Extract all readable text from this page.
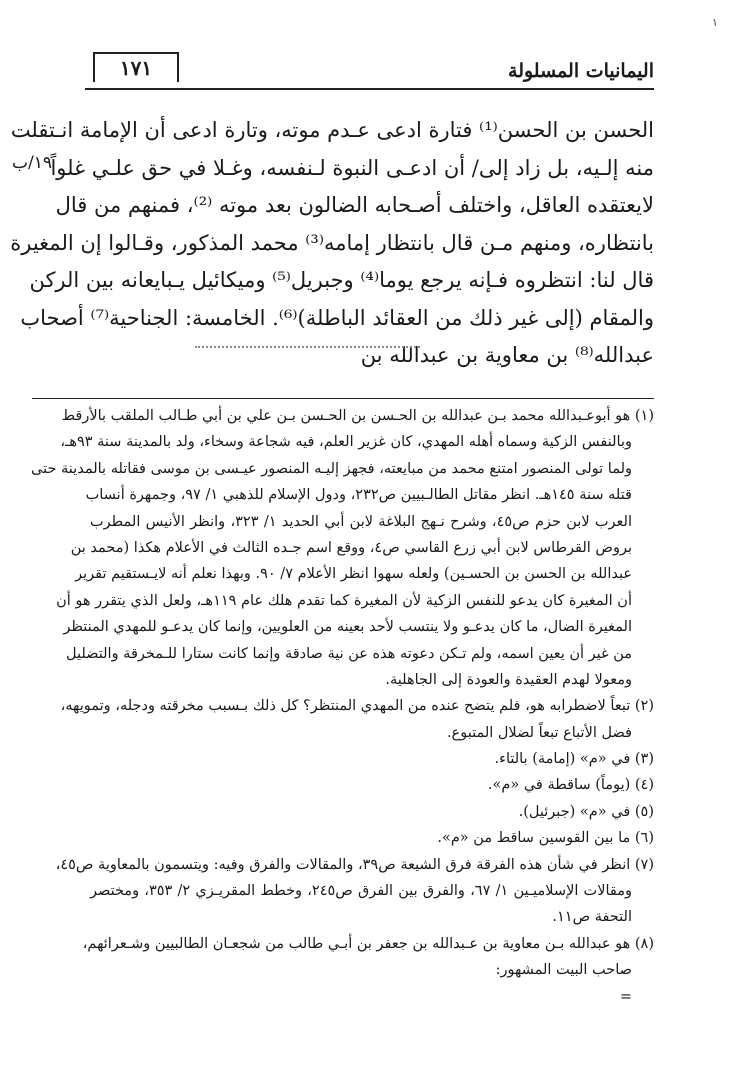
١
اليمانيات المسلولة
١٧١
١٩/ب
الحسن بن الحسن⁽¹⁾ فتارة ادعى عـدم موته، وتارة ادعى أن الإمامة انـتقلت
منه إلـيه، بل زاد إلى/ أن ادعـى النبوة لـنفسه، وغـلا في حق علـي غلواً
لايعتقده العاقل، واختلف أصـحابه الضالون بعد موته ⁽²⁾، فمنهم من قال
بانتظاره، ومنهم مـن قال بانتظار إمامه⁽³⁾ محمد المذكور، وقـالوا إن المغيرة
قال لنا: انتظروه فـإنه يرجع يوما⁽⁴⁾ وجبريل⁽⁵⁾ وميكائيل يـبايعانه بين الركن
والمقام (إلى غير ذلك من العقائد الباطلة)⁽⁶⁾. الخامسة: الجناحية⁽⁷⁾ أصحاب
عبدالله⁽⁸⁾ بن معاوية بن عبدالله بن
(١) هو أبوعـبدالله محمد بـن عبدالله بن الحـسن بن الحـسن بـن علي بن أبي طـالب الملقب بالأرقط
وبالنفس الزكية وسماه أهله المهدي، كان غزير العلم، فيه شجاعة وسخاء، ولد بالمدينة سنة ٩٣هـ،
ولما تولى المنصور امتنع محمد من مبايعته، فجهز إليـه المنصور عيـسى بن موسى فقاتله بالمدينة حتى
قتله سنة ١٤٥هـ. انظر مقاتل الطالـبيين ص٢٣٢، ودول الإسلام للذهبي ١/ ٩٧، وجمهرة أنساب
العرب لابن حزم ص٤٥، وشرح نـهج البلاغة لابن أبي الحديد ١/ ٣٢٣، وانظر الأنيس المطرب
بروض القرطاس لابن أبي زرع القاسي ص٤، ووقع اسم جـده الثالث في الأعلام هكذا (محمد بن
عبدالله بن الحسن بن الحسـين) ولعله سهوا انظر الأعلام ٧/ ٩٠. وبهذا نعلم أنه لايـستقيم تقرير
أن المغيرة كان يدعو للنفس الزكية لأن المغيرة كما تقدم هلك عام ١١٩هـ، ولعل الذي يتقرر هو أن
المغيرة الضال، ما كان يدعـو ولا ينتسب لأحد بعينه من العلويين، وإنما كان يدعـو للمهدي المنتظر
من غير أن يعين اسمه، ولم تـكن دعوته هذه عن نية صادقة وإنما كانت ستارا للـمخرقة والتضليل
ومعولا لهدم العقيدة والعودة إلى الجاهلية.
(٢) تبعاً لاضطرابه هو، فلم يتضح عنده من المهدي المنتظر؟ كل ذلك بـسبب مخرقته ودجله، وتمويهه،
فضل الأتباع تبعاً لضلال المتبوع.
(٣) في «م» (إمامة) بالتاء.
(٤) (يوماً) ساقطة في «م».
(٥) في «م» (جبرئيل).
(٦) ما بين القوسين ساقط من «م».
(٧) انظر في شأن هذه الفرقة فرق الشيعة ص٣٩، والمقالات والفرق وفيه: ويتسمون بالمعاوية ص٤٥،
ومقالات الإسلاميـين ١/ ٦٧، والفرق بين الفرق ص٢٤٥، وخطط المقريـزي ٢/ ٣٥٣، ومختصر
التحفة ص١١.
(٨) هو عبدالله بـن معاوية بن عـبدالله بن جعفر بن أبـي طالب من شجعـان الطالبيين وشـعرائهم،
صاحب البيت المشهور:
=
